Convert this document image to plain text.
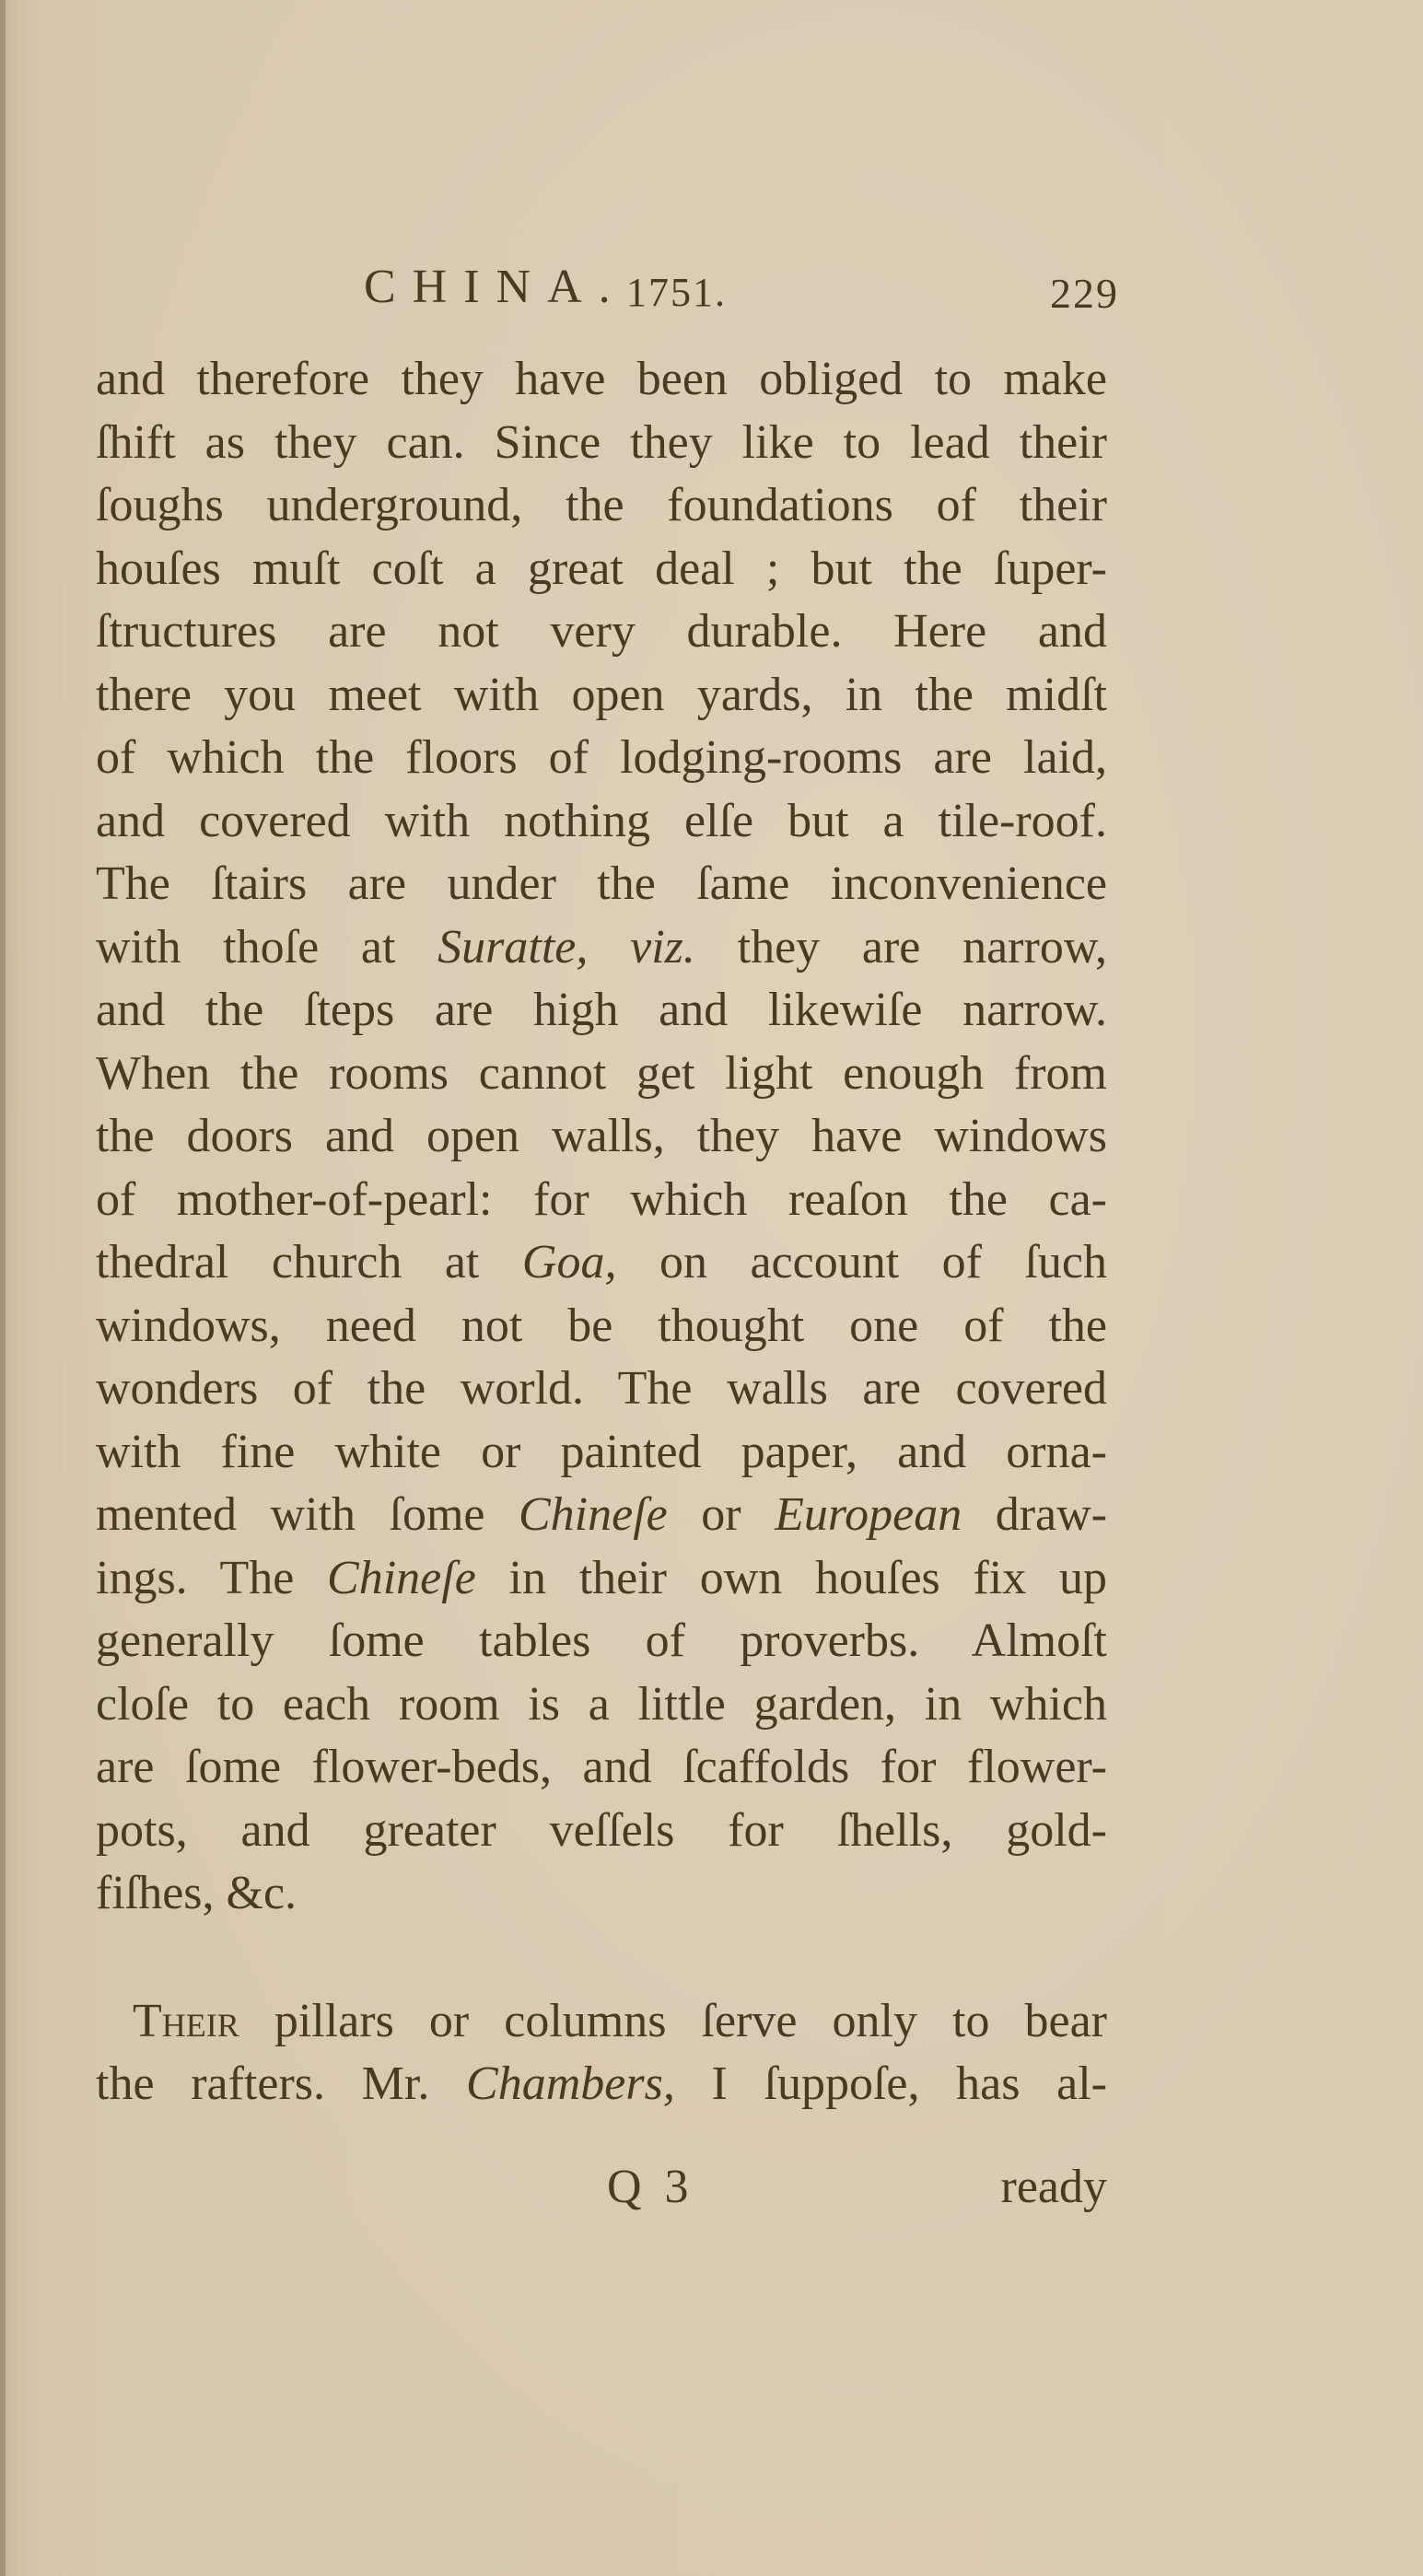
CHINA. 1751.	229
and therefore they have been obliged to make
ſhift as they can. Since they like to lead their
ſoughs underground, the foundations of their
houſes muſt coſt a great deal ; but the ſuper-
ſtructures are not very durable. Here and
there you meet with open yards, in the midſt
of which the floors of lodging-rooms are laid,
and covered with nothing elſe but a tile-roof.
The ſtairs are under the ſame inconvenience
with thoſe at Suratte, viz. they are narrow,
and the ſteps are high and likewiſe narrow.
When the rooms cannot get light enough from
the doors and open walls, they have windows
of mother-of-pearl: for which reaſon the ca-
thedral church at Goa, on account of ſuch
windows, need not be thought one of the
wonders of the world. The walls are covered
with fine white or painted paper, and orna-
mented with ſome Chineſe or European draw-
ings. The Chineſe in their own houſes fix up
generally ſome tables of proverbs. Almoſt
cloſe to each room is a little garden, in which
are ſome flower-beds, and ſcaffolds for flower-
pots, and greater veſſels for ſhells, gold-
fiſhes, &c.
Their pillars or columns ſerve only to bear
the rafters. Mr. Chambers, I ſuppoſe, has al-
Q 3	ready
